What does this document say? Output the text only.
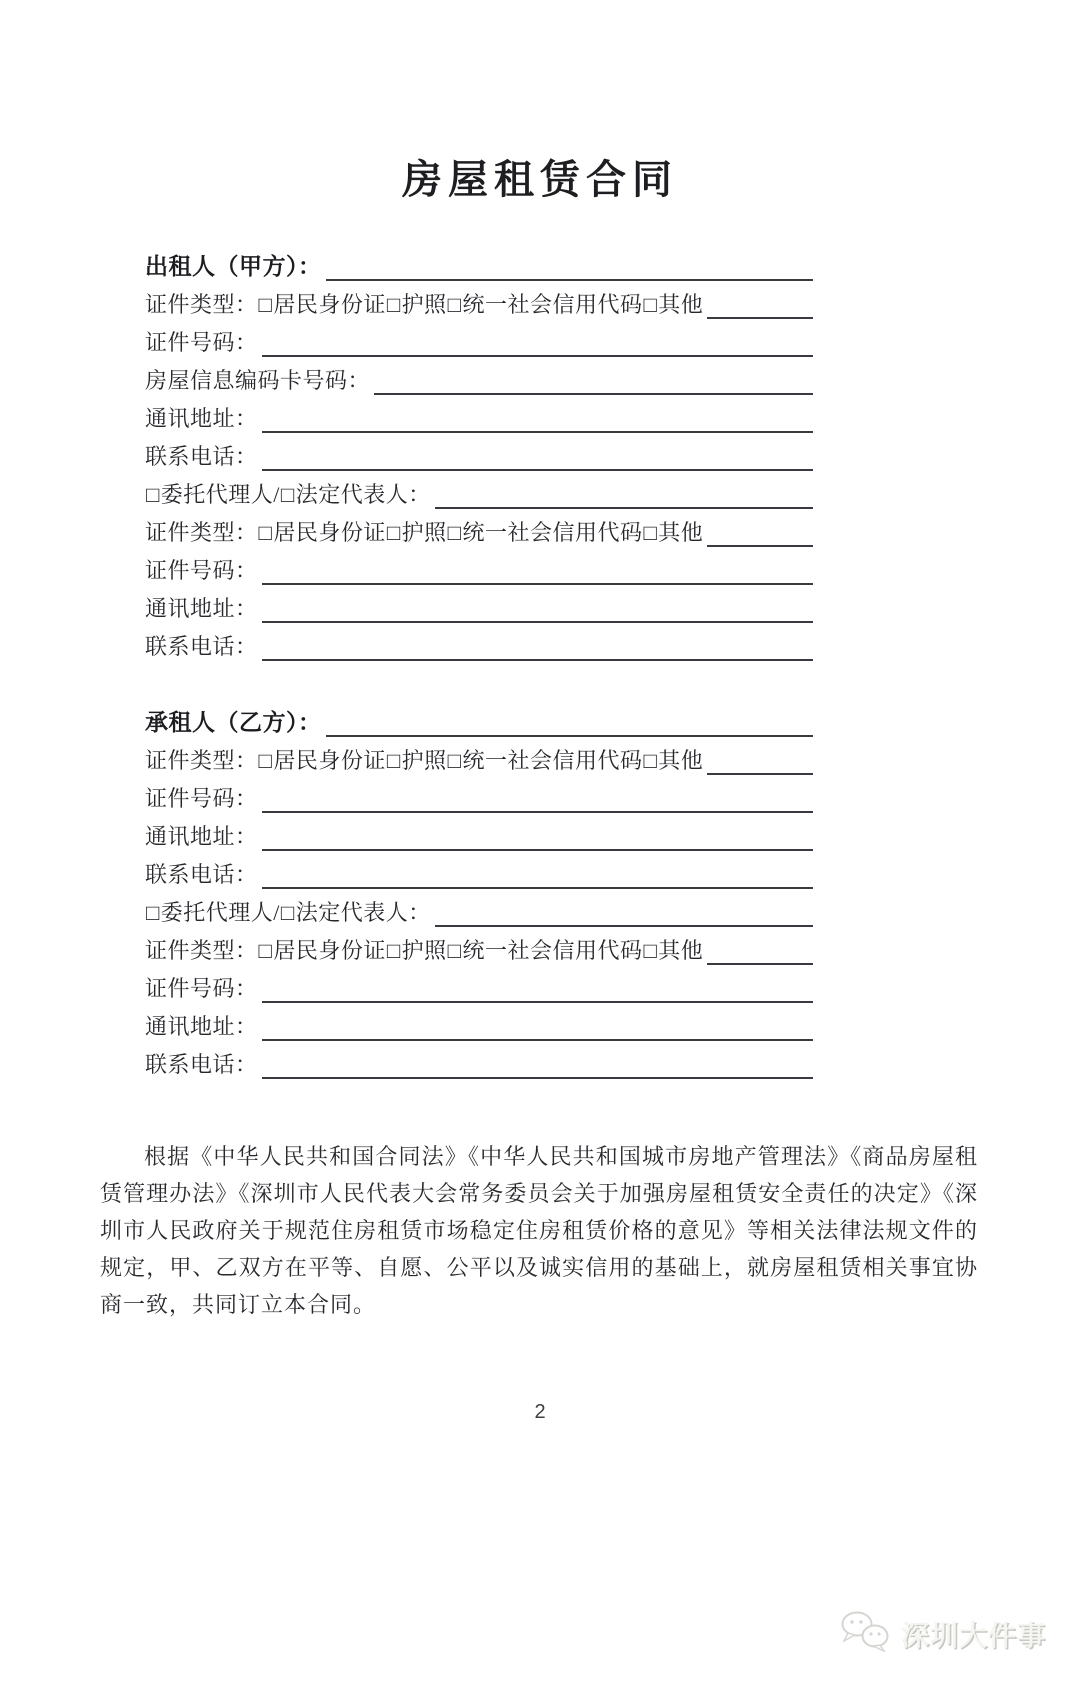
房屋租赁合同
出租人（甲方）：
证件类型： □ 居民身份证 □ 护照 □ 统一社会信用代码 □ 其他
证件号码：
房屋信息编码卡号码：
通讯地址：
联系电话：
□ 委托代理人/ □ 法定代表人：
证件类型： □ 居民身份证 □ 护照 □ 统一社会信用代码 □ 其他
证件号码：
通讯地址：
联系电话：
承租人（乙方）：
证件类型： □ 居民身份证 □ 护照 □ 统一社会信用代码 □ 其他
证件号码：
通讯地址：
联系电话：
□ 委托代理人/ □ 法定代表人：
证件类型： □ 居民身份证 □ 护照 □ 统一社会信用代码 □ 其他
证件号码：
通讯地址：
联系电话：

根据《中华人民共和国合同法》《中华人民共和国城市房地产管理法》《商品房屋租赁管理办法》《深圳市人民代表大会常务委员会关于加强房屋租赁安全责任的决定》《深圳市人民政府关于规范住房租赁市场稳定住房租赁价格的意见》等相关法律法规文件的规定，甲、乙双方在平等、自愿、公平以及诚实信用的基础上，就房屋租赁相关事宜协商一致，共同订立本合同。

2
深圳大件事
